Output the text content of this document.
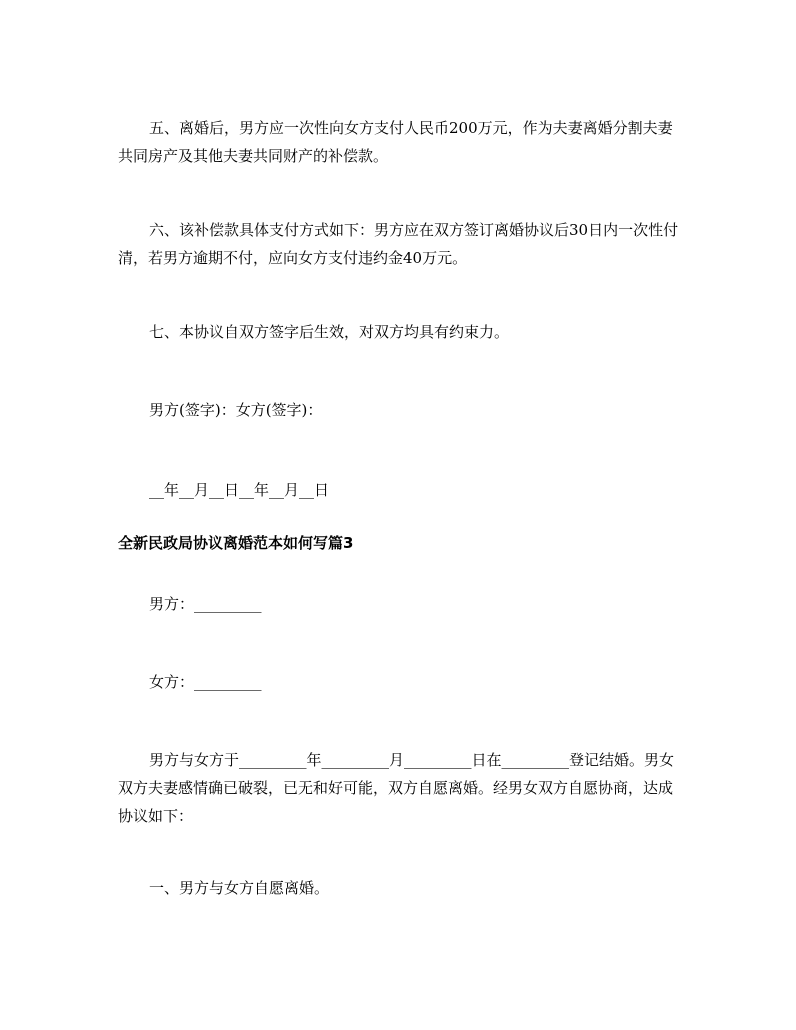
五、离婚后，男方应一次性向女方支付人民币200万元，作为夫妻离婚分割夫妻共同房产及其他夫妻共同财产的补偿款。

六、该补偿款具体支付方式如下：男方应在双方签订离婚协议后30日内一次性付清，若男方逾期不付，应向女方支付违约金40万元。

七、本协议自双方签字后生效，对双方均具有约束力。

男方(签字)：女方(签字)：

__年__月__日__年__月__日

全新民政局协议离婚范本如何写篇3

男方：_________

女方：_________

男方与女方于_________年_________月_________日在_________登记结婚。男女双方夫妻感情确已破裂，已无和好可能，双方自愿离婚。经男女双方自愿协商，达成协议如下：

一、男方与女方自愿离婚。
